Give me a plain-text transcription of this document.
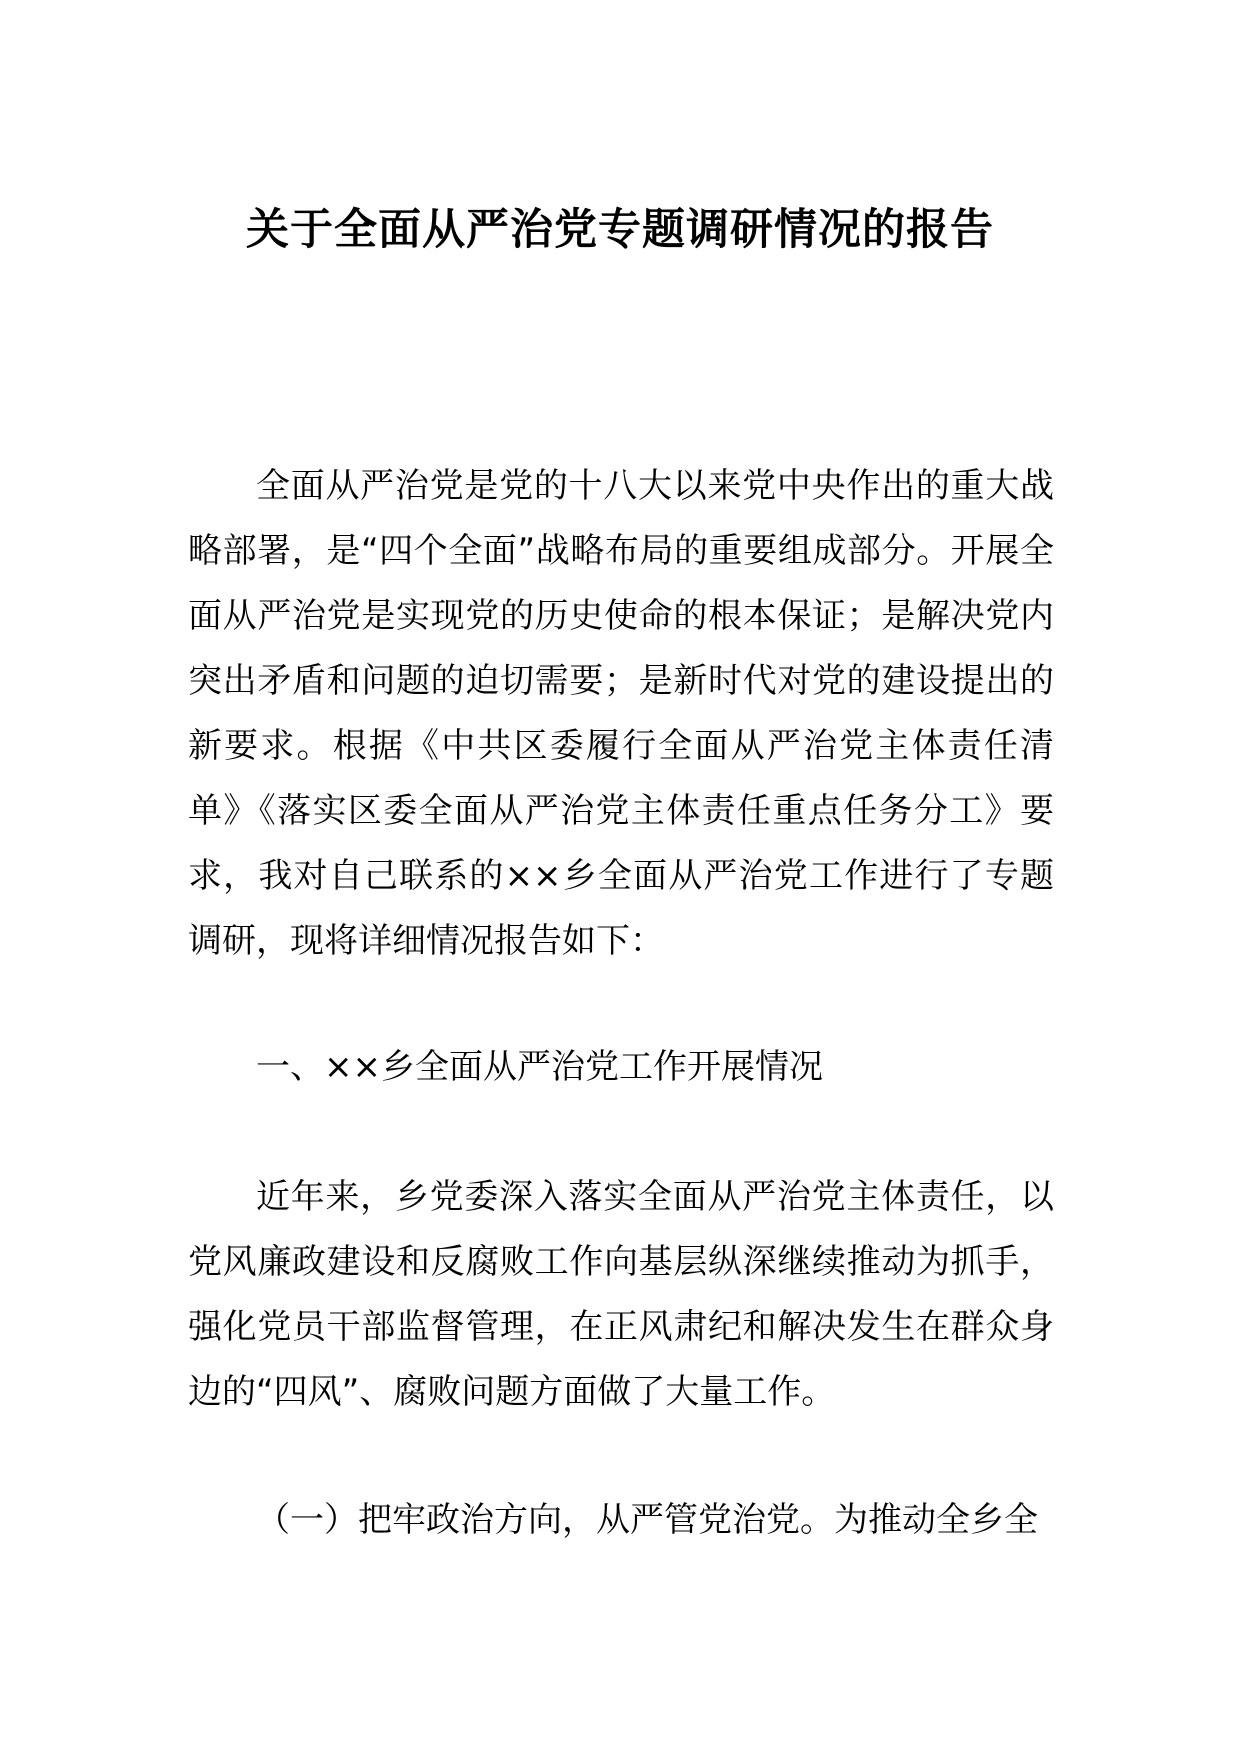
关于全面从严治党专题调研情况的报告

全面从严治党是党的十八大以来党中央作出的重大战略部署，是“四个全面”战略布局的重要组成部分。开展全面从严治党是实现党的历史使命的根本保证；是解决党内突出矛盾和问题的迫切需要；是新时代对党的建设提出的新要求。根据《中共区委履行全面从严治党主体责任清单》《落实区委全面从严治党主体责任重点任务分工》要求，我对自己联系的××乡全面从严治党工作进行了专题调研，现将详细情况报告如下：

一、××乡全面从严治党工作开展情况

近年来，乡党委深入落实全面从严治党主体责任，以党风廉政建设和反腐败工作向基层纵深继续推动为抓手，强化党员干部监督管理，在正风肃纪和解决发生在群众身边的“四风”、腐败问题方面做了大量工作。

（一）把牢政治方向，从严管党治党。为推动全乡全
